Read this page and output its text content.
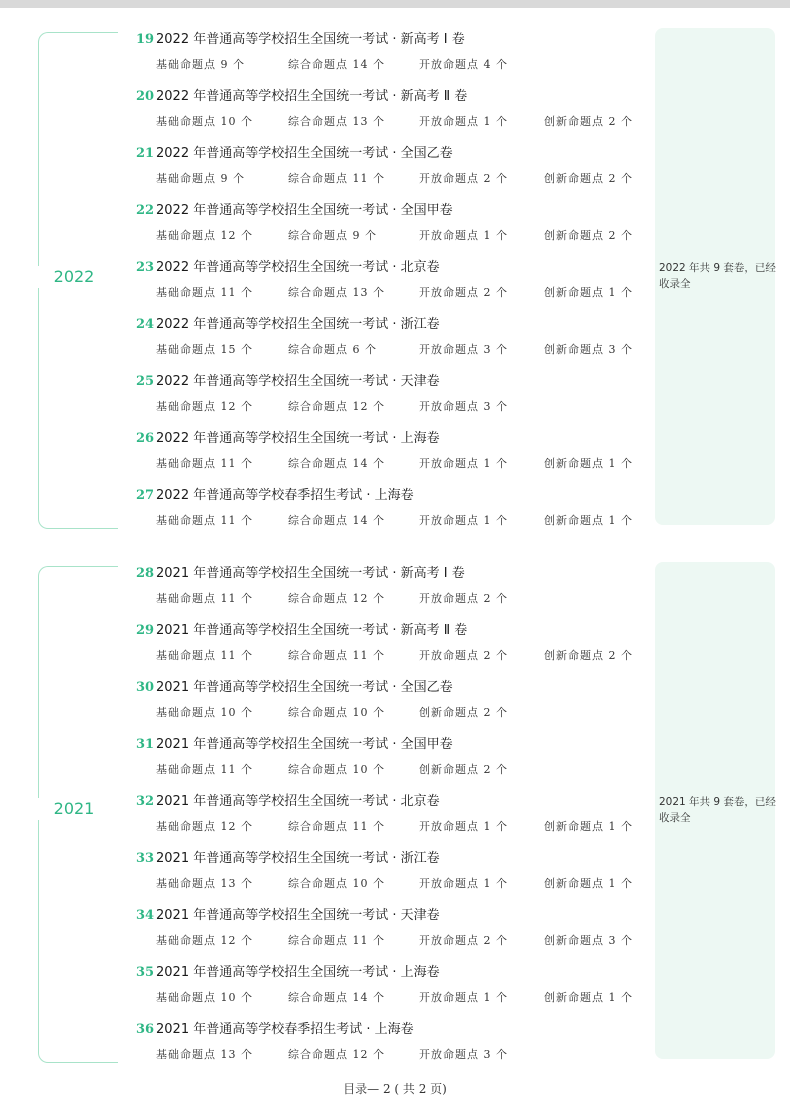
2022	2022 年共 9 套卷，已经收录全
19 2022 年普通高等学校招生全国统一考试 · 新高考 Ⅰ 卷
基础命题点 9 个	综合命题点 14 个	开放命题点 4 个
20 2022 年普通高等学校招生全国统一考试 · 新高考 Ⅱ 卷
基础命题点 10 个	综合命题点 13 个	开放命题点 1 个	创新命题点 2 个
21 2022 年普通高等学校招生全国统一考试 · 全国乙卷
基础命题点 9 个	综合命题点 11 个	开放命题点 2 个	创新命题点 2 个
22 2022 年普通高等学校招生全国统一考试 · 全国甲卷
基础命题点 12 个	综合命题点 9 个	开放命题点 1 个	创新命题点 2 个
23 2022 年普通高等学校招生全国统一考试 · 北京卷
基础命题点 11 个	综合命题点 13 个	开放命题点 2 个	创新命题点 1 个
24 2022 年普通高等学校招生全国统一考试 · 浙江卷
基础命题点 15 个	综合命题点 6 个	开放命题点 3 个	创新命题点 3 个
25 2022 年普通高等学校招生全国统一考试 · 天津卷
基础命题点 12 个	综合命题点 12 个	开放命题点 3 个
26 2022 年普通高等学校招生全国统一考试 · 上海卷
基础命题点 11 个	综合命题点 14 个	开放命题点 1 个	创新命题点 1 个
27 2022 年普通高等学校春季招生考试 · 上海卷
基础命题点 11 个	综合命题点 14 个	开放命题点 1 个	创新命题点 1 个
2021	2021 年共 9 套卷，已经收录全
28 2021 年普通高等学校招生全国统一考试 · 新高考 Ⅰ 卷
基础命题点 11 个	综合命题点 12 个	开放命题点 2 个
29 2021 年普通高等学校招生全国统一考试 · 新高考 Ⅱ 卷
基础命题点 11 个	综合命题点 11 个	开放命题点 2 个	创新命题点 2 个
30 2021 年普通高等学校招生全国统一考试 · 全国乙卷
基础命题点 10 个	综合命题点 10 个	创新命题点 2 个
31 2021 年普通高等学校招生全国统一考试 · 全国甲卷
基础命题点 11 个	综合命题点 10 个	创新命题点 2 个
32 2021 年普通高等学校招生全国统一考试 · 北京卷
基础命题点 12 个	综合命题点 11 个	开放命题点 1 个	创新命题点 1 个
33 2021 年普通高等学校招生全国统一考试 · 浙江卷
基础命题点 13 个	综合命题点 10 个	开放命题点 1 个	创新命题点 1 个
34 2021 年普通高等学校招生全国统一考试 · 天津卷
基础命题点 12 个	综合命题点 11 个	开放命题点 2 个	创新命题点 3 个
35 2021 年普通高等学校招生全国统一考试 · 上海卷
基础命题点 10 个	综合命题点 14 个	开放命题点 1 个	创新命题点 1 个
36 2021 年普通高等学校春季招生考试 · 上海卷
基础命题点 13 个	综合命题点 12 个	开放命题点 3 个
目录— 2 ( 共 2 页)
